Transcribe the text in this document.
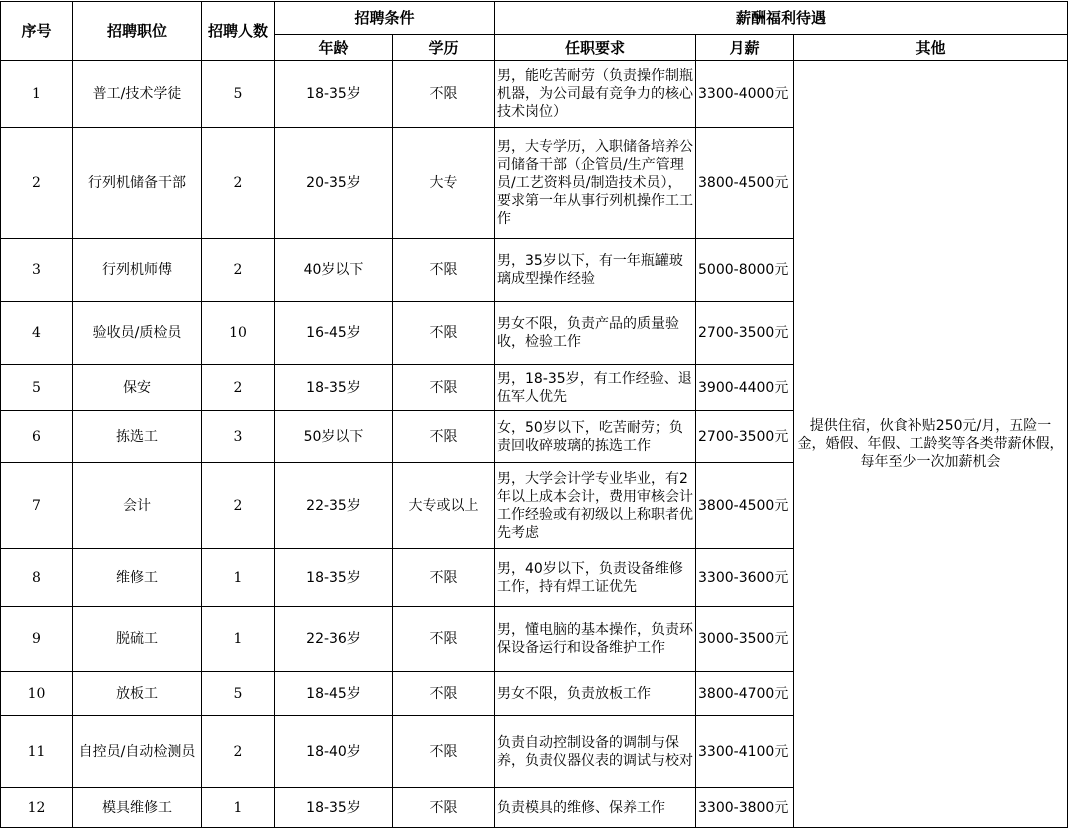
序号	招聘职位	招聘人数	招聘条件		薪酬福利待遇		
			年龄	学历	任职要求	月薪	其他
1	普工/技术学徒	5	18-35岁	不限	男，能吃苦耐劳（负责操作制瓶机器，为公司最有竞争力的核心技术岗位）	3300-4000元	提供住宿，伙食补贴250元/月，五险一金，婚假、年假、工龄奖等各类带薪休假，每年至少一次加薪机会
2	行列机储备干部	2	20-35岁	大专	男，大专学历，入职储备培养公司储备干部（企管员/生产管理员/工艺资料员/制造技术员），要求第一年从事行列机操作工工作	3800-4500元	
3	行列机师傅	2	40岁以下	不限	男，35岁以下，有一年瓶罐玻璃成型操作经验	5000-8000元	
4	验收员/质检员	10	16-45岁	不限	男女不限，负责产品的质量验收，检验工作	2700-3500元	
5	保安	2	18-35岁	不限	男，18-35岁，有工作经验、退伍军人优先	3900-4400元	
6	拣选工	3	50岁以下	不限	女，50岁以下，吃苦耐劳；负责回收碎玻璃的拣选工作	2700-3500元	
7	会计	2	22-35岁	大专或以上	男，大学会计学专业毕业，有2年以上成本会计，费用审核会计工作经验或有初级以上称职者优先考虑	3800-4500元	
8	维修工	1	18-35岁	不限	男，40岁以下，负责设备维修工作，持有焊工证优先	3300-3600元	
9	脱硫工	1	22-36岁	不限	男，懂电脑的基本操作，负责环保设备运行和设备维护工作	3000-3500元	
10	放板工	5	18-45岁	不限	男女不限，负责放板工作	3800-4700元	
11	自控员/自动检测员	2	18-40岁	不限	负责自动控制设备的调制与保养，负责仪器仪表的调试与校对	3300-4100元	
12	模具维修工	1	18-35岁	不限	负责模具的维修、保养工作	3300-3800元	
